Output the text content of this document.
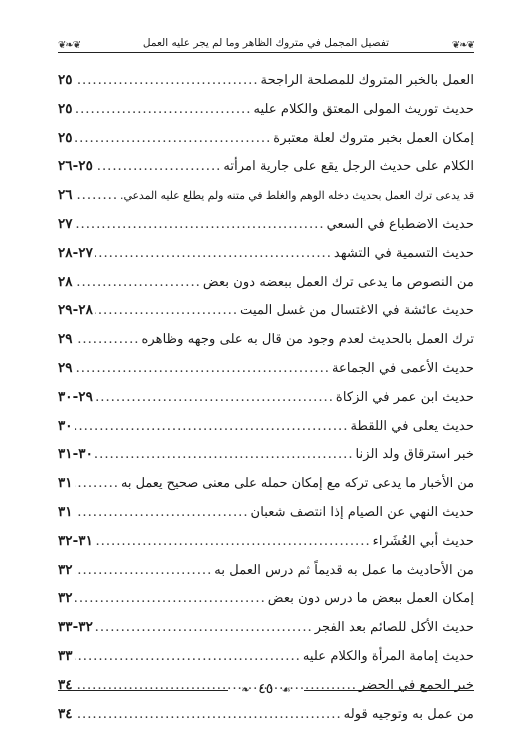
❦❧❦
تفصيل المجمل في متروك الظاهر وما لم يجر عليه العمل
❦❧❦
العمل بالخبر المتروك للمصلحة الراجحة
.....
٢٥
حديث توريث المولى المعتق والكلام عليه
.....
٢٥
إمكان العمل بخبر متروك لعلة معتبرة
.....
٢٥
الكلام على حديث الرجل يقع على جارية امرأته
.....
٢٥-٢٦
قد يدعى ترك العمل بحديث دخله الوهم والغلط في متنه ولم يطلع عليه المدعي.
.....
٢٦
حديث الاضطباع في السعي
.....
٢٧
حديث التسمية في التشهد
.....
٢٧-٢٨
من النصوص ما يدعى ترك العمل ببعضه دون بعض
.....
٢٨
حديث عائشة في الاغتسال من غسل الميت
.....
٢٨-٢٩
ترك العمل بالحديث لعدم وجود من قال به على وجهه وظاهره
.....
٢٩
حديث الأعمى في الجماعة
.....
٢٩
حديث ابن عمر في الزكاة
.....
٢٩-٣٠
حديث يعلى في اللقطة
.....
٣٠
خبر استرقاق ولد الزنا
.....
٣٠-٣١
من الأخبار ما يدعى تركه مع إمكان حمله على معنى صحيح يعمل به
.....
٣١
حديث النهي عن الصيام إذا انتصف شعبان
.....
٣١
حديث أبي العُشَراء
.....
٣١-٣٢
من الأحاديث ما عمل به قديماً ثم درس العمل به
.....
٣٢
إمكان العمل ببعض ما درس دون بعض
.....
٣٢
حديث الأكل للصائم بعد الفجر
.....
٣٢-٣٣
حديث إمامة المرأة والكلام عليه
.....
٣٣
خبر الجمع في الحضر
.....
٣٤
من عمل به وتوجيه قوله
.....
٣٤
☙ ٤٥ ❧
